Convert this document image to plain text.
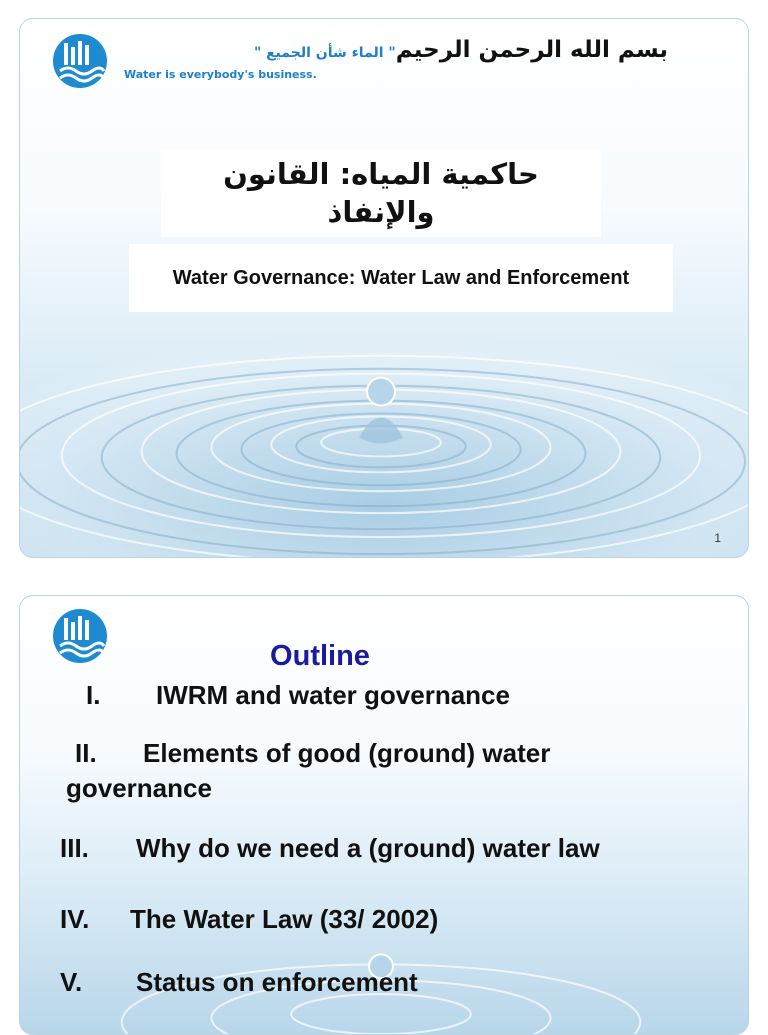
بسم الله الرحمن الرحيم" الماء شأن الجميع "
Water is everybody's business.
حاكمية المياه: القانون والإنفاذ
Water Governance: Water Law and Enforcement
1
Outline
I. IWRM and water governance
II. Elements of good (ground) water
governance
III. Why do we need a (ground) water law
IV. The Water Law (33/ 2002)
V. Status on enforcement
